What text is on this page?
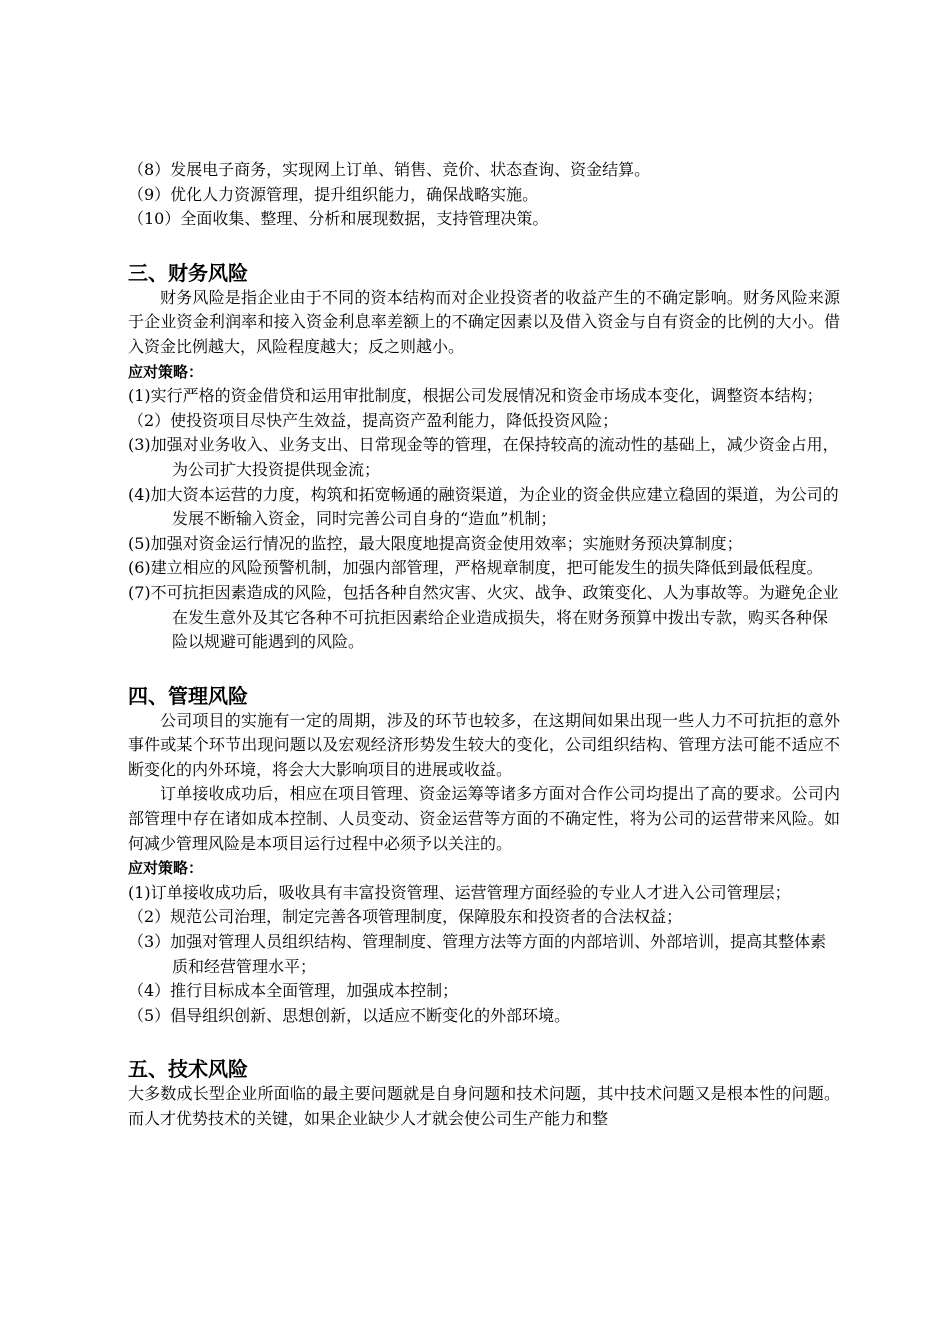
（8）发展电子商务，实现网上订单、销售、竞价、状态查询、资金结算。

（9）优化人力资源管理，提升组织能力，确保战略实施。

（10）全面收集、整理、分析和展现数据，支持管理决策。

三、财务风险

财务风险是指企业由于不同的资本结构而对企业投资者的收益产生的不确定影响。财务风险来源于企业资金利润率和接入资金利息率差额上的不确定因素以及借入资金与自有资金的比例的大小。借入资金比例越大，风险程度越大；反之则越小。

应对策略：

(1)实行严格的资金借贷和运用审批制度，根据公司发展情况和资金市场成本变化，调整资本结构；

（2）使投资项目尽快产生效益，提高资产盈利能力，降低投资风险；

(3)加强对业务收入、业务支出、日常现金等的管理，在保持较高的流动性的基础上，减少资金占用，为公司扩大投资提供现金流；

(4)加大资本运营的力度，构筑和拓宽畅通的融资渠道，为企业的资金供应建立稳固的渠道，为公司的发展不断输入资金，同时完善公司自身的“造血”机制；

(5)加强对资金运行情况的监控，最大限度地提高资金使用效率；实施财务预决算制度；

(6)建立相应的风险预警机制，加强内部管理，严格规章制度，把可能发生的损失降低到最低程度。

(7)不可抗拒因素造成的风险，包括各种自然灾害、火灾、战争、政策变化、人为事故等。为避免企业在发生意外及其它各种不可抗拒因素给企业造成损失，将在财务预算中拨出专款，购买各种保险以规避可能遇到的风险。

四、管理风险

公司项目的实施有一定的周期，涉及的环节也较多，在这期间如果出现一些人力不可抗拒的意外事件或某个环节出现问题以及宏观经济形势发生较大的变化，公司组织结构、管理方法可能不适应不断变化的内外环境，将会大大影响项目的进展或收益。

订单接收成功后，相应在项目管理、资金运筹等诸多方面对合作公司均提出了高的要求。公司内部管理中存在诸如成本控制、人员变动、资金运营等方面的不确定性，将为公司的运营带来风险。如何减少管理风险是本项目运行过程中必须予以关注的。

应对策略：

(1)订单接收成功后，吸收具有丰富投资管理、运营管理方面经验的专业人才进入公司管理层；

（2）规范公司治理，制定完善各项管理制度，保障股东和投资者的合法权益；

（3）加强对管理人员组织结构、管理制度、管理方法等方面的内部培训、外部培训，提高其整体素质和经营管理水平；

（4）推行目标成本全面管理，加强成本控制；

（5）倡导组织创新、思想创新，以适应不断变化的外部环境。

五、技术风险

大多数成长型企业所面临的最主要问题就是自身问题和技术问题，其中技术问题又是根本性的问题。而人才优势技术的关键，如果企业缺少人才就会使公司生产能力和整
